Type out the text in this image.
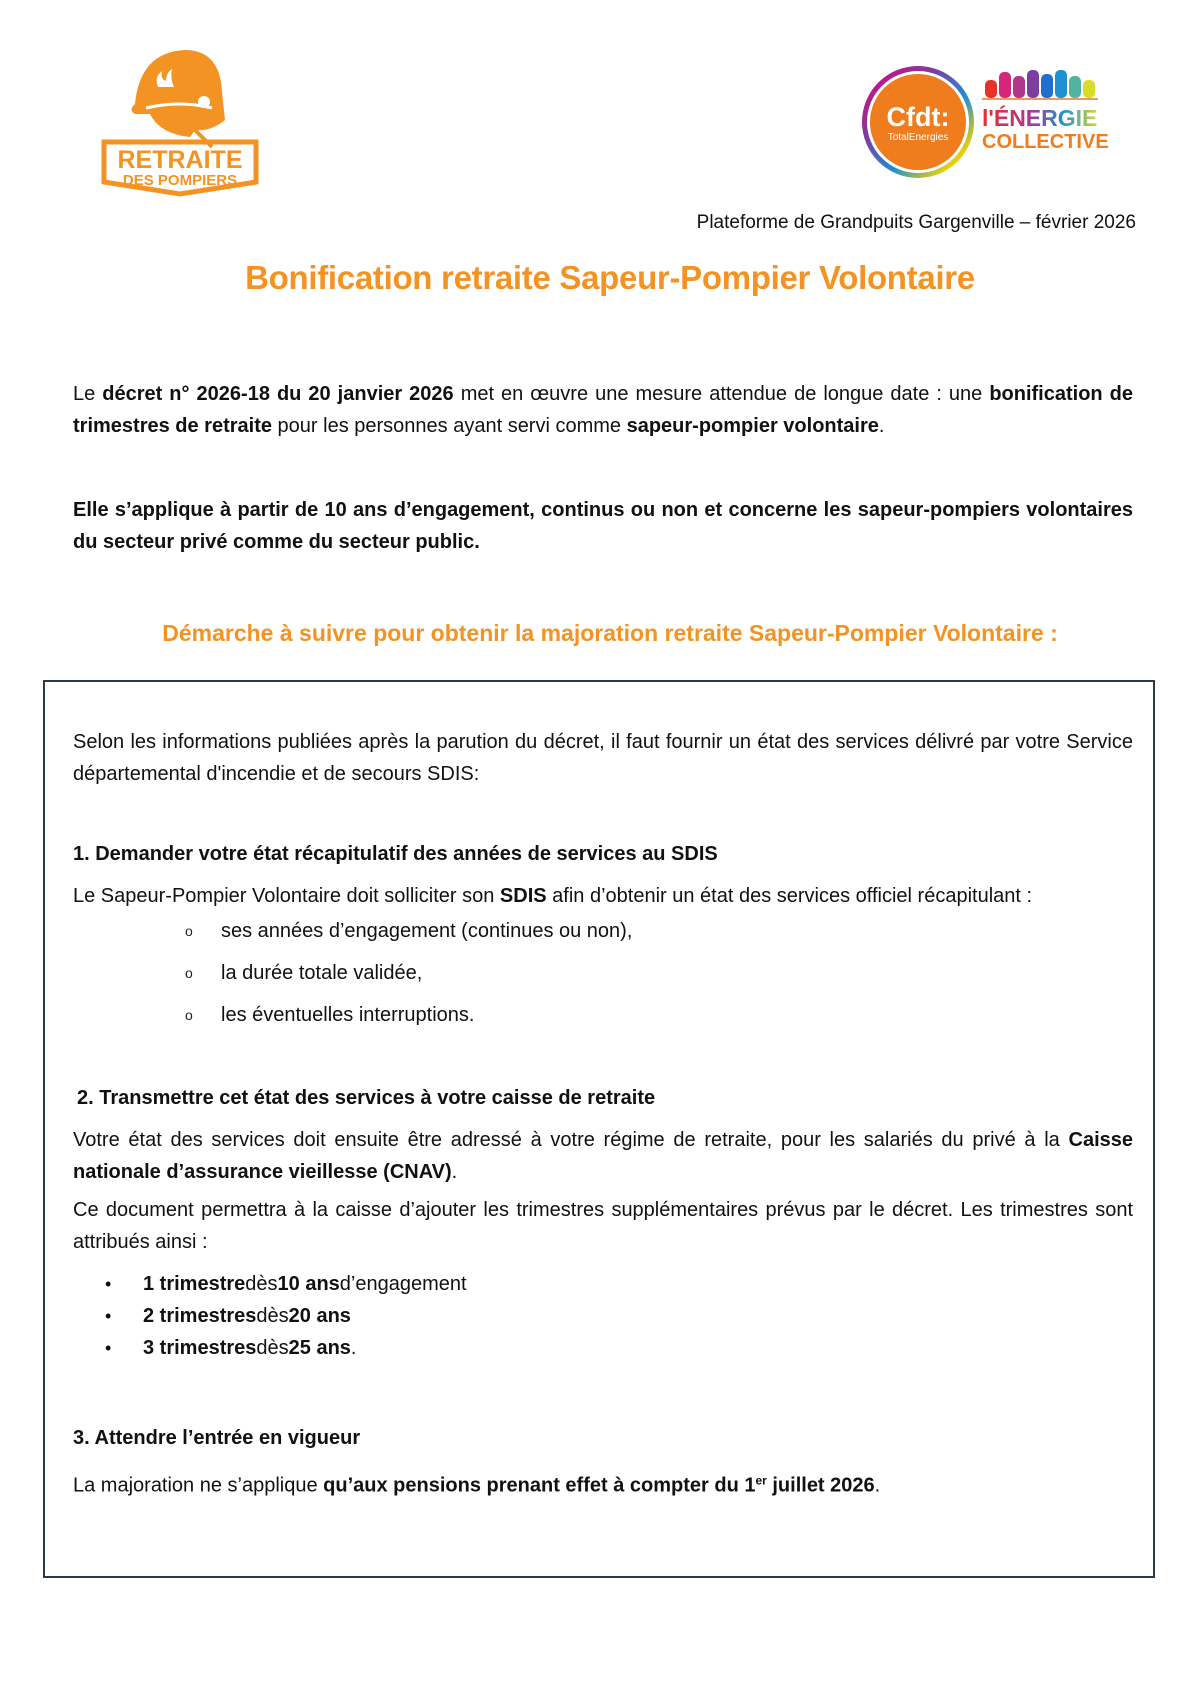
RETRAITE
DES POMPIERS
Cfdt:
TotalEnergies
l'ÉNERGIE
COLLECTIVE
Plateforme de Grandpuits Gargenville – février 2026
Bonification retraite Sapeur-Pompier Volontaire
Le décret n° 2026-18 du 20 janvier 2026 met en œuvre une mesure attendue de longue date : une bonification de trimestres de retraite pour les personnes ayant servi comme sapeur-pompier volontaire.
Elle s’applique à partir de 10 ans d’engagement, continus ou non et concerne les sapeur-pompiers volontaires du secteur privé comme du secteur public.
Démarche à suivre pour obtenir la majoration retraite Sapeur-Pompier Volontaire :
Selon les informations publiées après la parution du décret, il faut fournir un état des services délivré par votre Service départemental d'incendie et de secours SDIS:
1. Demander votre état récapitulatif des années de services au SDIS
Le Sapeur-Pompier Volontaire doit solliciter son SDIS afin d’obtenir un état des services officiel récapitulant :
o	ses années d’engagement (continues ou non),
o	la durée totale validée,
o	les éventuelles interruptions.
2. Transmettre cet état des services à votre caisse de retraite
Votre état des services doit ensuite être adressé à votre régime de retraite, pour les salariés du privé à la Caisse nationale d’assurance vieillesse (CNAV).
Ce document permettra à la caisse d’ajouter les trimestres supplémentaires prévus par le décret. Les trimestres sont attribués ainsi :
•	1 trimestre dès 10 ans d’engagement
•	2 trimestres dès 20 ans
•	3 trimestres dès 25 ans .
3. Attendre l’entrée en vigueur
La majoration ne s’applique qu’aux pensions prenant effet à compter du 1er juillet 2026.
